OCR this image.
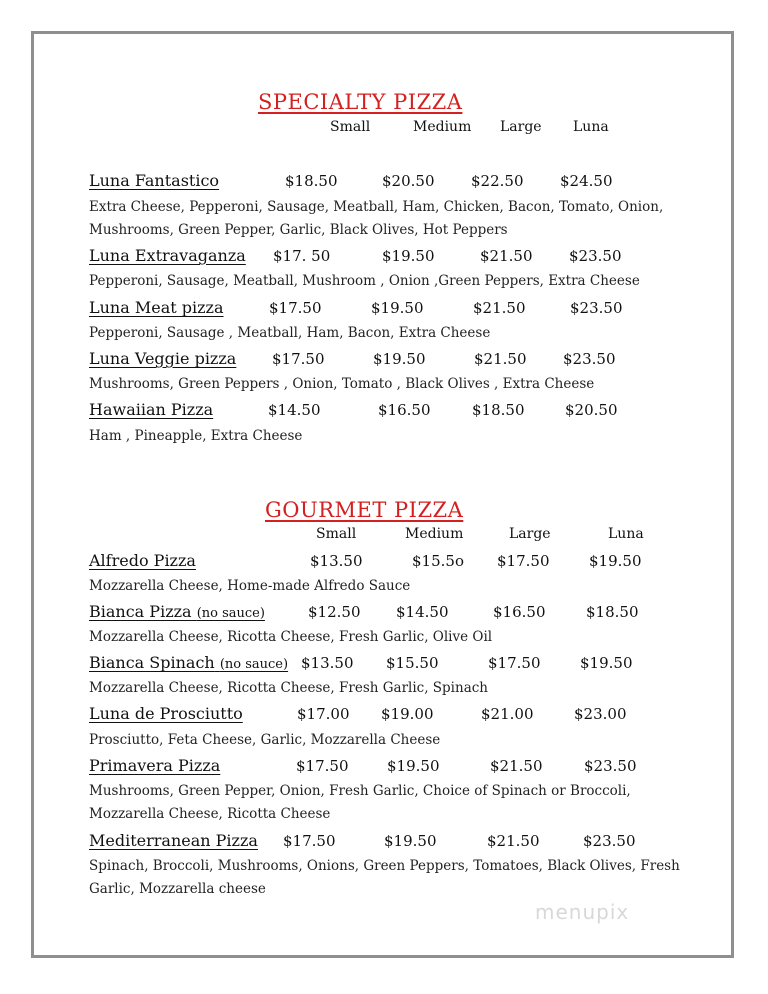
SPECIALTY PIZZA
Small	Medium Large Luna
Luna Fantastico	$18.50	$20.50 $22.50 $24.50
Extra Cheese, Pepperoni, Sausage, Meatball, Ham, Chicken, Bacon, Tomato, Onion, Mushrooms, Green Pepper, Garlic, Black Olives, Hot Peppers
Luna Extravaganza $17. 50	$19.50	$21.50 $23.50
Pepperoni, Sausage, Meatball, Mushroom , Onion ,Green Peppers, Extra Cheese
Luna Meat pizza	$17.50	$19.50	$21.50	$23.50
Pepperoni, Sausage , Meatball, Ham, Bacon, Extra Cheese
Luna Veggie pizza $17.50	$19.50	$21.50 $23.50
Mushrooms, Green Peppers , Onion, Tomato , Black Olives , Extra Cheese
Hawaiian Pizza	$14.50	$16.50	$18.50	$20.50
Ham , Pineapple, Extra Cheese
GOURMET PIZZA
Small	Medium	Large	Luna
Alfredo Pizza	$13.50	$15.5o $17.50	$19.50
Mozzarella Cheese, Home-made Alfredo Sauce
Bianca Pizza (no sauce)	$12.50 $14.50	$16.50	$18.50
Mozzarella Cheese, Ricotta Cheese, Fresh Garlic, Olive Oil
Bianca Spinach (no sauce) $13.50 $15.50	$17.50	$19.50
Mozzarella Cheese, Ricotta Cheese, Fresh Garlic, Spinach
Luna de Prosciutto	$17.00 $19.00	$21.00	$23.00
Prosciutto, Feta Cheese, Garlic, Mozzarella Cheese
Primavera Pizza	$17.50	$19.50	$21.50	$23.50
Mushrooms, Green Pepper, Onion, Fresh Garlic, Choice of Spinach or Broccoli, Mozzarella Cheese, Ricotta Cheese
Mediterranean Pizza $17.50	$19.50	$21.50	$23.50
Spinach, Broccoli, Mushrooms, Onions, Green Peppers, Tomatoes, Black Olives, Fresh Garlic, Mozzarella cheese
menupix
